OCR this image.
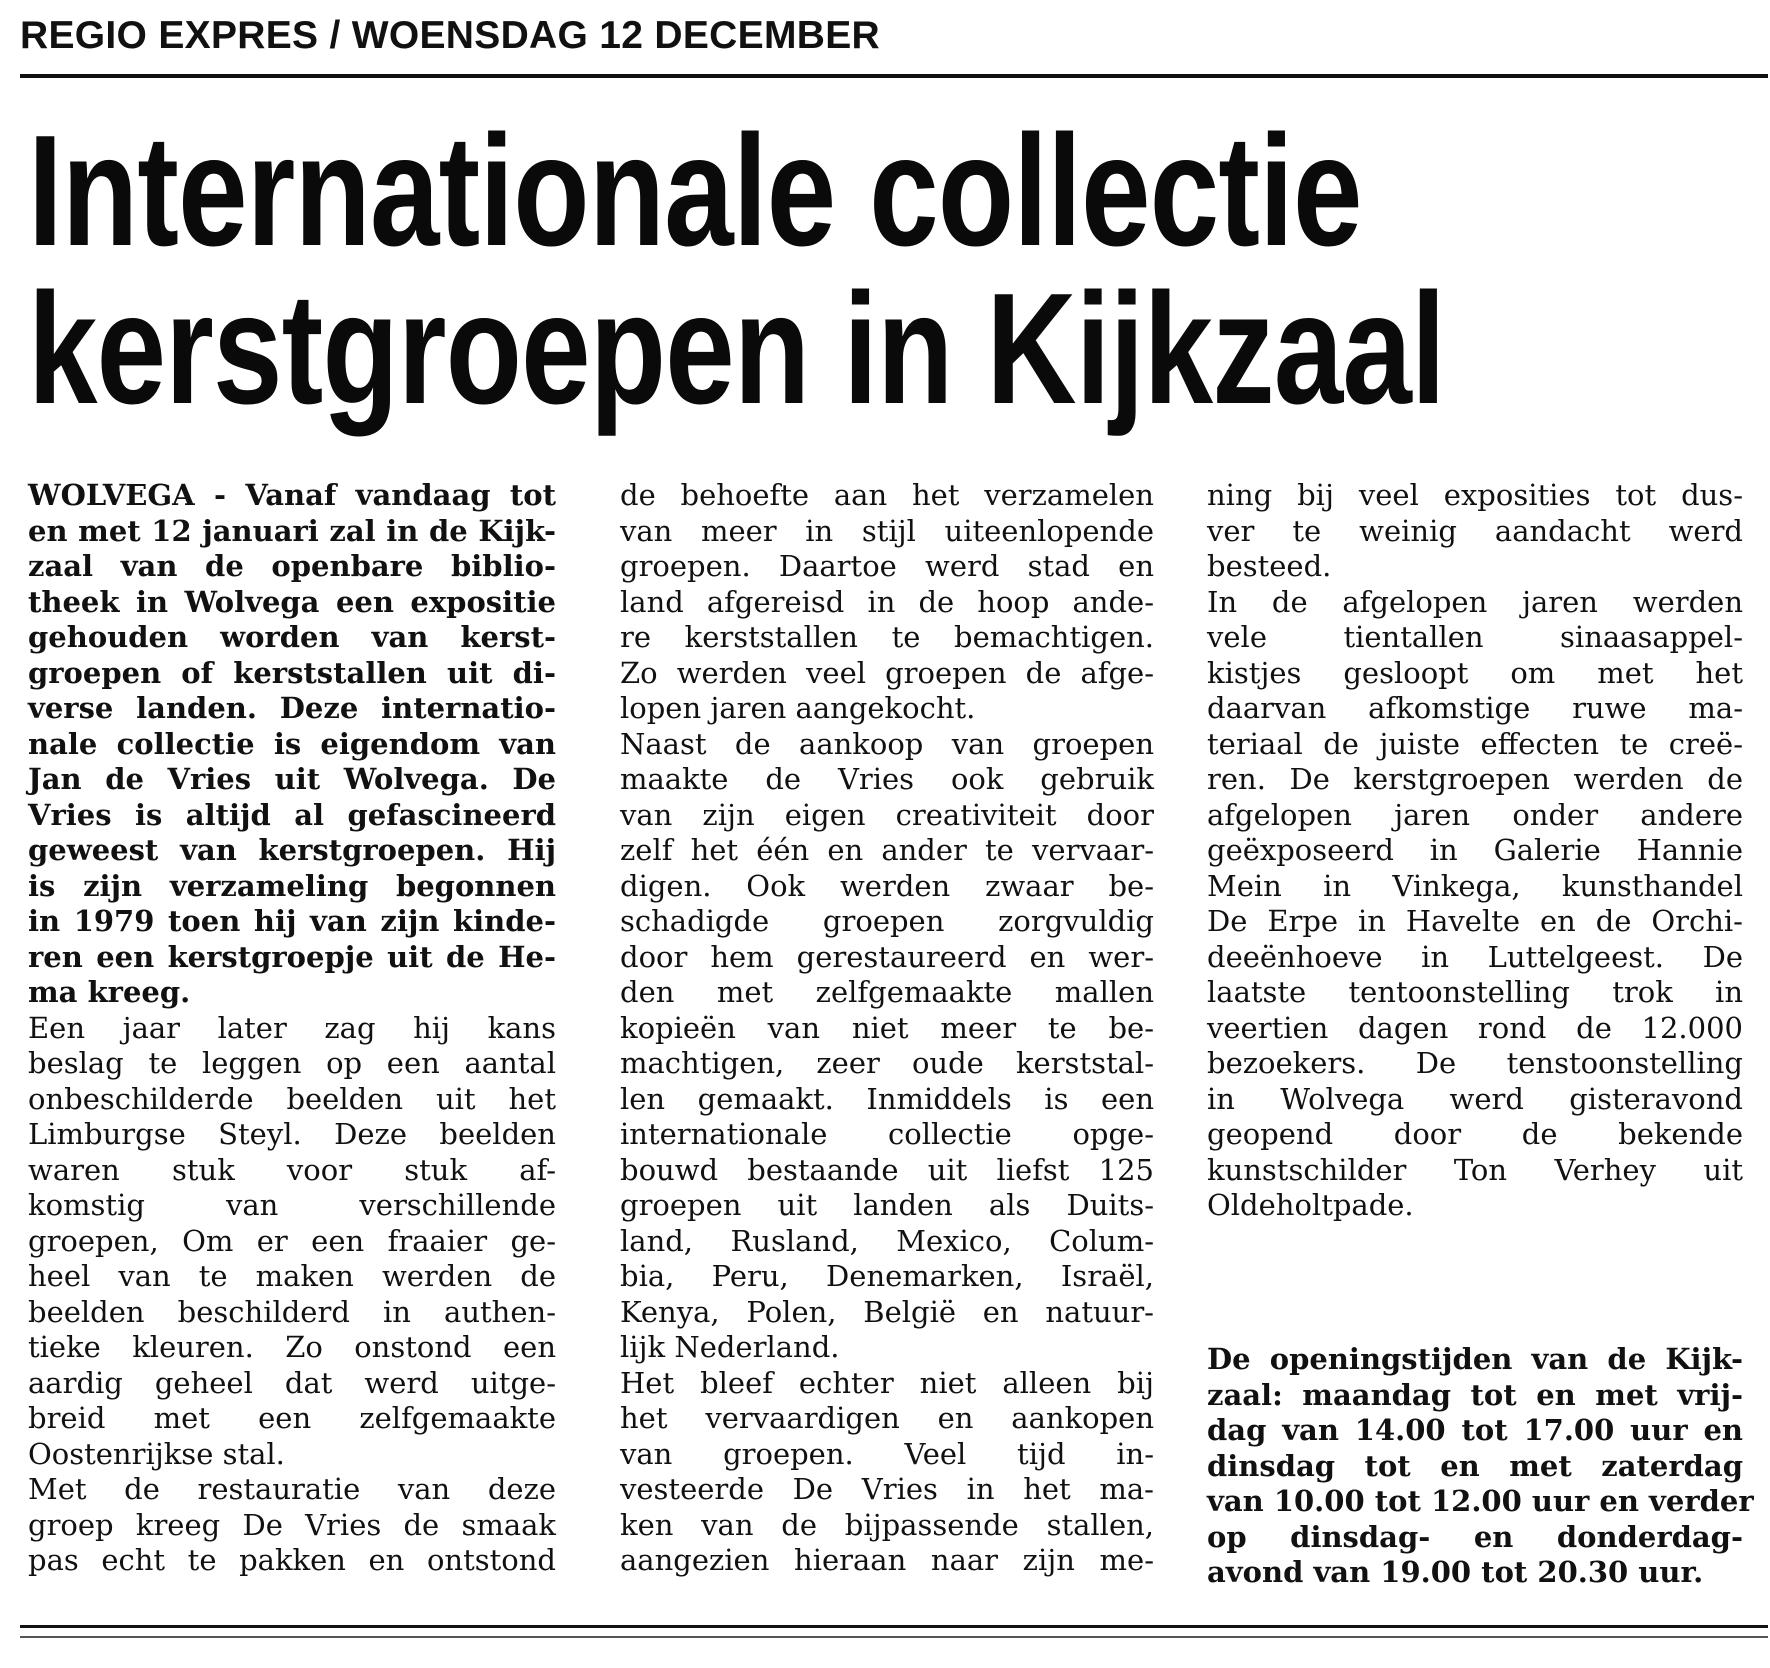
REGIO EXPRES / WOENSDAG 12 DECEMBER
Internationale collectie
kerstgroepen in Kijkzaal
WOLVEGA - Vanaf vandaag tot
en met 12 januari zal in de Kijk-
zaal van de openbare biblio-
theek in Wolvega een expositie
gehouden worden van kerst-
groepen of kerststallen uit di-
verse landen. Deze internatio-
nale collectie is eigendom van
Jan de Vries uit Wolvega. De
Vries is altijd al gefascineerd
geweest van kerstgroepen. Hij
is zijn verzameling begonnen
in 1979 toen hij van zijn kinde-
ren een kerstgroepje uit de He-
ma kreeg.
Een jaar later zag hij kans
beslag te leggen op een aantal
onbeschilderde beelden uit het
Limburgse Steyl. Deze beelden
waren stuk voor stuk af-
komstig van verschillende
groepen, Om er een fraaier ge-
heel van te maken werden de
beelden beschilderd in authen-
tieke kleuren. Zo onstond een
aardig geheel dat werd uitge-
breid met een zelfgemaakte
Oostenrijkse stal.
Met de restauratie van deze
groep kreeg De Vries de smaak
pas echt te pakken en ontstond
de behoefte aan het verzamelen
van meer in stijl uiteenlopende
groepen. Daartoe werd stad en
land afgereisd in de hoop ande-
re kerststallen te bemachtigen.
Zo werden veel groepen de afge-
lopen jaren aangekocht.
Naast de aankoop van groepen
maakte de Vries ook gebruik
van zijn eigen creativiteit door
zelf het één en ander te vervaar-
digen. Ook werden zwaar be-
schadigde groepen zorgvuldig
door hem gerestaureerd en wer-
den met zelfgemaakte mallen
kopieën van niet meer te be-
machtigen, zeer oude kerststal-
len gemaakt. Inmiddels is een
internationale collectie opge-
bouwd bestaande uit liefst 125
groepen uit landen als Duits-
land, Rusland, Mexico, Colum-
bia, Peru, Denemarken, Israël,
Kenya, Polen, België en natuur-
lijk Nederland.
Het bleef echter niet alleen bij
het vervaardigen en aankopen
van groepen. Veel tijd in-
vesteerde De Vries in het ma-
ken van de bijpassende stallen,
aangezien hieraan naar zijn me-
ning bij veel exposities tot dus-
ver te weinig aandacht werd
besteed.
In de afgelopen jaren werden
vele tientallen sinaasappel-
kistjes gesloopt om met het
daarvan afkomstige ruwe ma-
teriaal de juiste effecten te creë-
ren. De kerstgroepen werden de
afgelopen jaren onder andere
geëxposeerd in Galerie Hannie
Mein in Vinkega, kunsthandel
De Erpe in Havelte en de Orchi-
deeënhoeve in Luttelgeest. De
laatste tentoonstelling trok in
veertien dagen rond de 12.000
bezoekers. De tenstoonstelling
in Wolvega werd gisteravond
geopend door de bekende
kunstschilder Ton Verhey uit
Oldeholtpade.
De openingstijden van de Kijk-
zaal: maandag tot en met vrij-
dag van 14.00 tot 17.00 uur en
dinsdag tot en met zaterdag
van 10.00 tot 12.00 uur en verder
op dinsdag- en donderdag-
avond van 19.00 tot 20.30 uur.
